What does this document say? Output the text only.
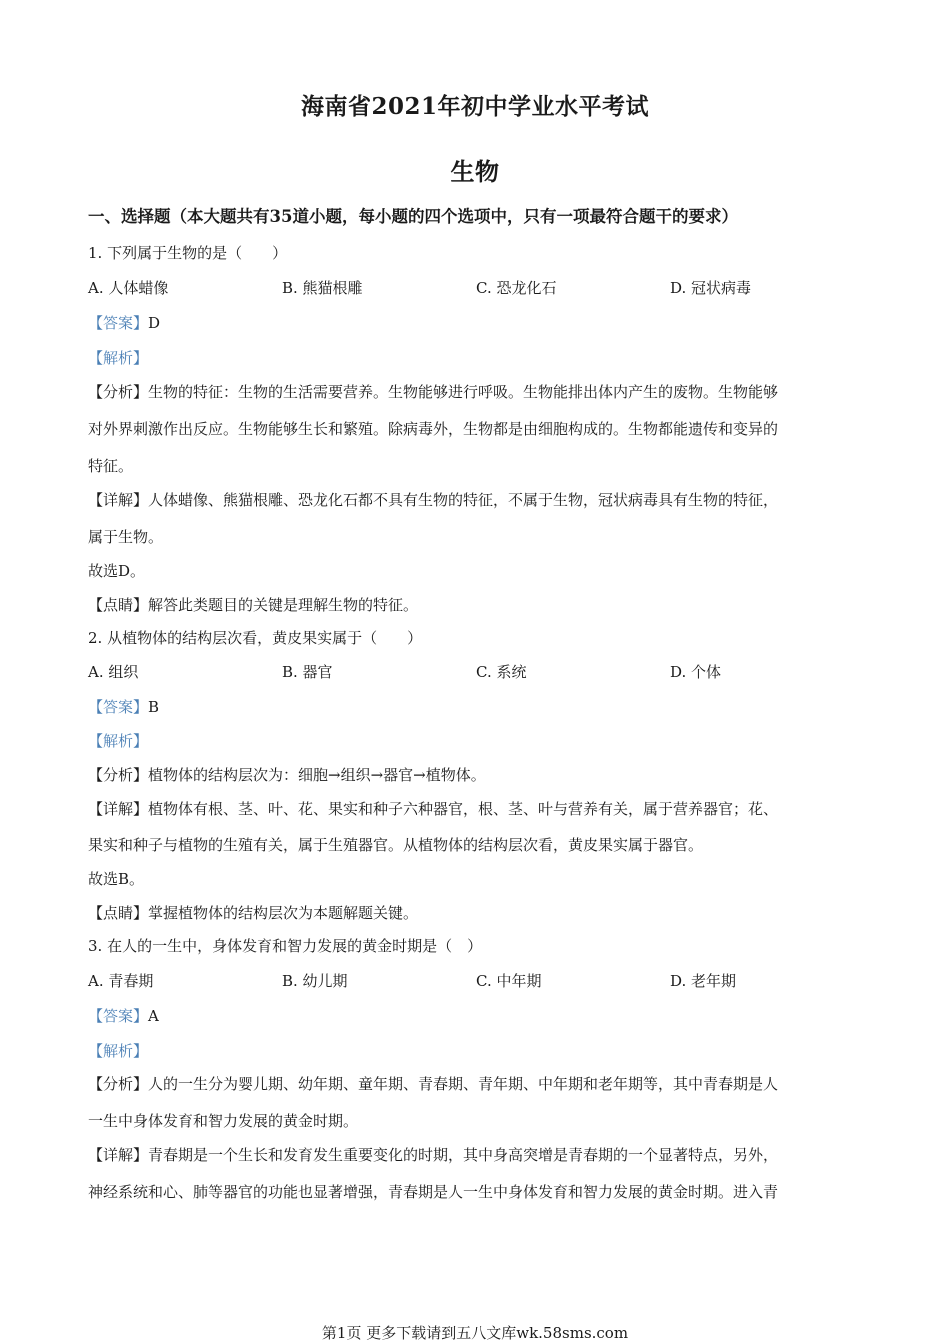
海南省2021年初中学业水平考试
生物
一、选择题（本大题共有35道小题，每小题的四个选项中，只有一项最符合题干的要求）
1. 下列属于生物的是（　　）
A. 人体蜡像	B. 熊猫根雕	C. 恐龙化石	D. 冠状病毒
【答案】D
【解析】
【分析】生物的特征：生物的生活需要营养。生物能够进行呼吸。生物能排出体内产生的废物。生物能够
对外界刺激作出反应。生物能够生长和繁殖。除病毒外，生物都是由细胞构成的。生物都能遗传和变异的
特征。
【详解】人体蜡像、熊猫根雕、恐龙化石都不具有生物的特征，不属于生物，冠状病毒具有生物的特征，
属于生物。
故选D。
【点睛】解答此类题目的关键是理解生物的特征。
2. 从植物体的结构层次看，黄皮果实属于（　　）
A. 组织	B. 器官	C. 系统	D. 个体
【答案】B
【解析】
【分析】植物体的结构层次为：细胞→组织→器官→植物体。
【详解】植物体有根、茎、叶、花、果实和种子六种器官，根、茎、叶与营养有关，属于营养器官；花、
果实和种子与植物的生殖有关，属于生殖器官。从植物体的结构层次看，黄皮果实属于器官。
故选B。
【点睛】掌握植物体的结构层次为本题解题关键。
3. 在人的一生中，身体发育和智力发展的黄金时期是（　）
A. 青春期	B. 幼儿期	C. 中年期	D. 老年期
【答案】A
【解析】
【分析】人的一生分为婴儿期、幼年期、童年期、青春期、青年期、中年期和老年期等，其中青春期是人
一生中身体发育和智力发展的黄金时期。
【详解】青春期是一个生长和发育发生重要变化的时期，其中身高突增是青春期的一个显著特点，另外，
神经系统和心、肺等器官的功能也显著增强，青春期是人一生中身体发育和智力发展的黄金时期。进入青
第1页 更多下载请到五八文库wk.58sms.com
